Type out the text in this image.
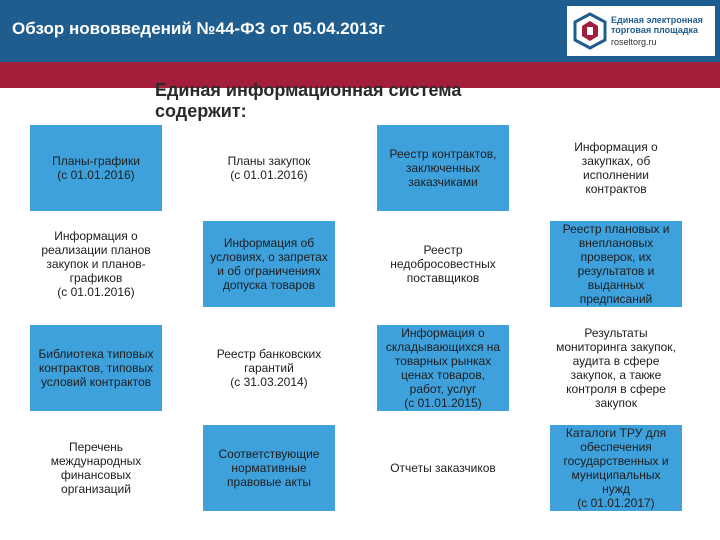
Обзор нововведений №44-ФЗ от 05.04.2013г	Единая электронная
торговая площадка
roseltorg.ru
Единая информационная система содержит:
Планы-графики
(с 01.01.2016)
Планы закупок
(с 01.01.2016)
Реестр контрактов, заключенных заказчиками
Информация о закупках, об исполнении контрактов
Информация о реализации планов закупок и планов-графиков
(с 01.01.2016)
Информация об условиях, о запретах и об ограничениях допуска товаров
Реестр недобросовестных поставщиков
Реестр плановых и внеплановых проверок, их результатов и выданных предписаний
Библиотека типовых контрактов, типовых условий контрактов
Реестр банковских гарантий
(с 31.03.2014)
Информация о складывающихся на товарных рынках ценах товаров, работ, услуг
(с 01.01.2015)
Результаты мониторинга закупок, аудита в сфере закупок, а также контроля в сфере закупок
Перечень международных финансовых организаций
Соответствующие нормативные правовые акты
Отчеты заказчиков
Каталоги ТРУ для обеспечения государственных и муниципальных нужд
(с 01.01.2017)
